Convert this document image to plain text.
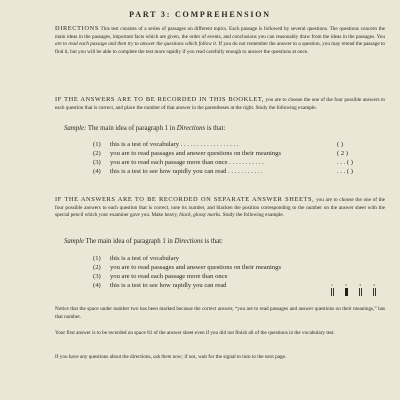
PART 3: COMPREHENSION

DIRECTIONS This test consists of a series of passages on different topics. Each passage is followed by several questions. The questions concern the main ideas in the passages, important facts which are given, the order of events, and conclusions you can reasonably draw from the ideas in the passages. You are to read each passage and then try to answer the questions which follow it. If you do not remember the answer to a question, you may reread the passage to find it, but you will be able to complete the test more rapidly if you read carefully enough to answer the questions at once.

IF THE ANSWERS ARE TO BE RECORDED IN THIS BOOKLET, you are to choose the one of the four possible answers to each question that is correct, and place the number of that answer in the parentheses at the right. Study the following example.

Sample: The main idea of paragraph 1 in Directions is that:
(1) this is a test of vocabulary . . . . . . . . . . . . . . . . . .	( )
(2) you are to read passages and answer questions on their meanings	( 2 )
(3) you are to read each passage more than once . . . . . . . . . . .	. . . ( )
(4) this is a test to see how rapidly you can read . . . . . . . . . . .	. . . ( )

IF THE ANSWERS ARE TO BE RECORDED ON SEPARATE ANSWER SHEETS, you are to choose the one of the four possible answers to each question that is correct, note its number, and blacken the position corresponding to the number on the answer sheet with the special pencil which your examiner gave you. Make heavy, black, glossy marks. Study the following example.

Sample The main idea of paragraph 1 in Directions is that:
(1) this is a test of vocabulary
(2) you are to read passages and answer questions on their meanings
(3) you are to read each passage more than once
(4) this is a test to see how rapidly you can read	1	2	3	4

Notice that the space under number two has been marked because the correct answer, “you are to read passages and answer questions on their meanings,” has that number.

Your first answer is to be recorded on space 81 of the answer sheet even if you did not finish all of the questions in the vocabulary test.

If you have any questions about the directions, ask them now; if not, wait for the signal to turn to the next page.
